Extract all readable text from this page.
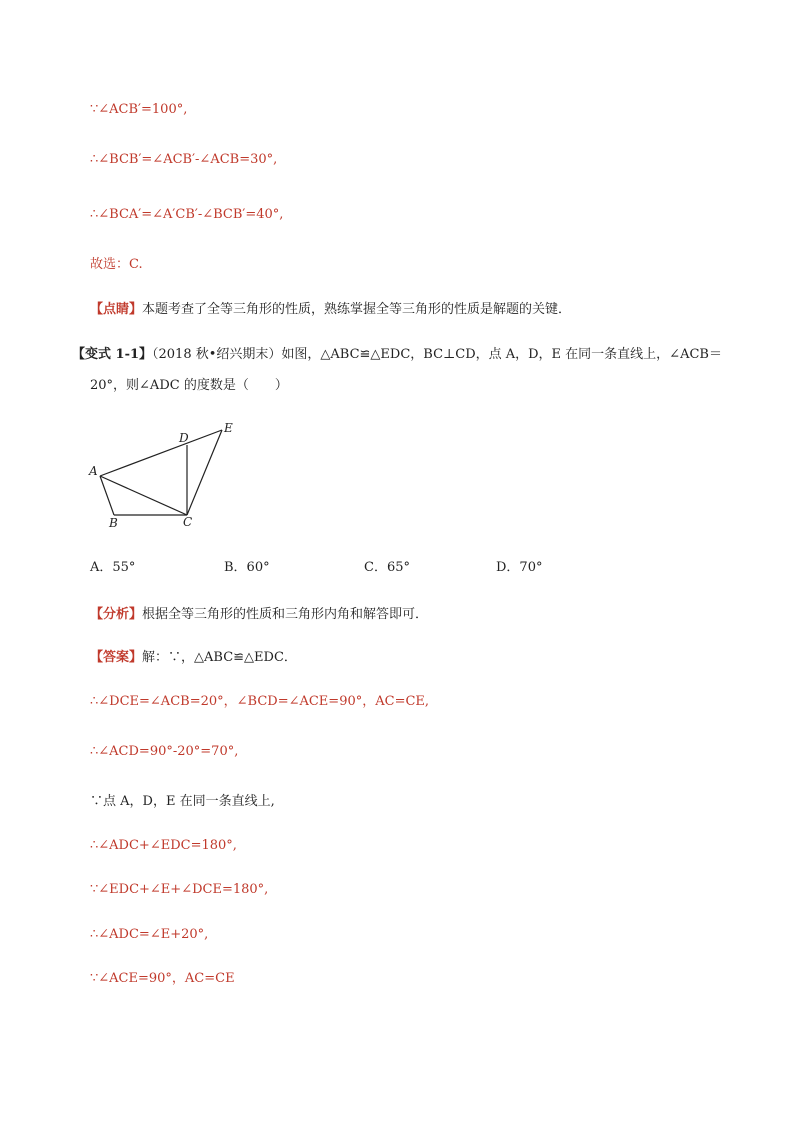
∵∠ACB′=100°,
∴∠BCB′=∠ACB′-∠ACB=30°,
∴∠BCA′=∠A′CB′-∠BCB′=40°,
故选：C.
【点睛】本题考查了全等三角形的性质，熟练掌握全等三角形的性质是解题的关键．
【变式 1-1】（2018 秋•绍兴期末）如图，△ABC≌△EDC，BC⊥CD，点 A，D，E 在同一条直线上，∠ACB＝
20°，则∠ADC 的度数是（　　）
A
B	C
D
E
A．55°	B．60°	C．65°	D．70°
【分析】根据全等三角形的性质和三角形内角和解答即可．
【答案】解：∵，△ABC≌△EDC．
∴∠DCE=∠ACB=20°，∠BCD=∠ACE=90°，AC=CE,
∴∠ACD=90°-20°=70°,
∵点 A，D，E 在同一条直线上,
∴∠ADC+∠EDC=180°,
∵∠EDC+∠E+∠DCE=180°,
∴∠ADC=∠E+20°,
∵∠ACE=90°，AC=CE
